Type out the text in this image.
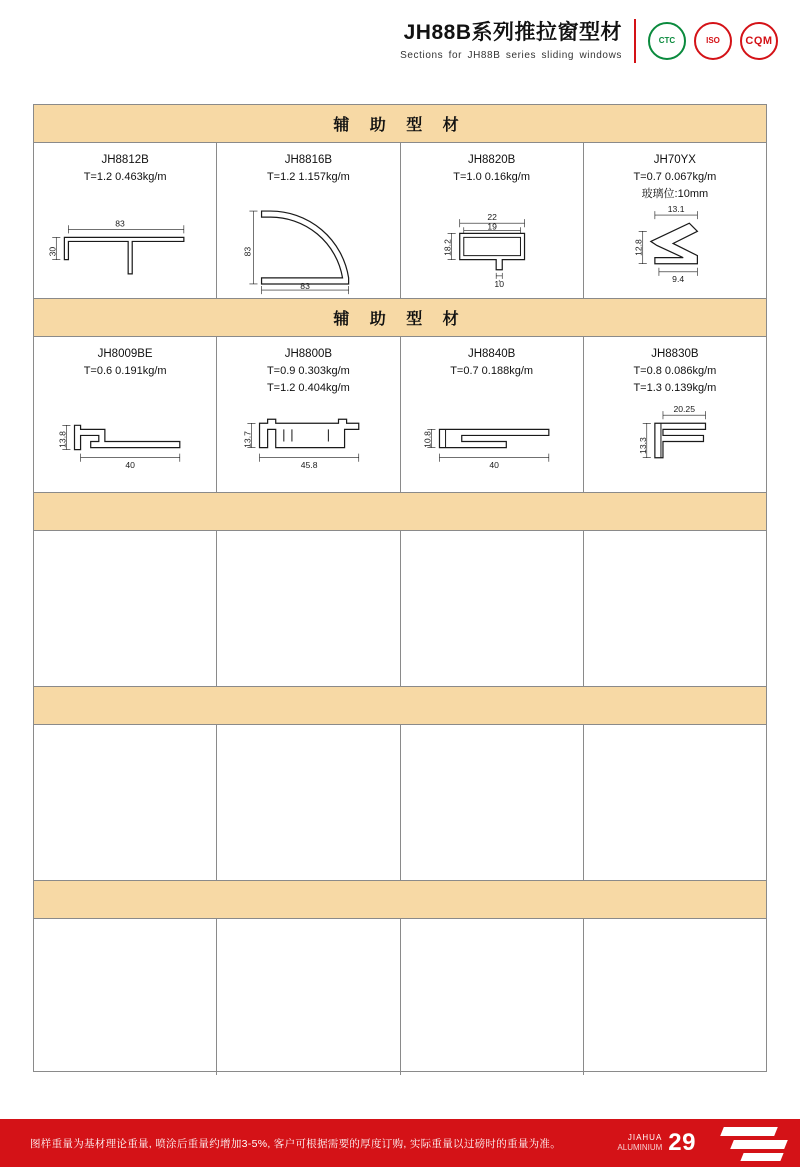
JH88B系列推拉窗型材
Sections for JH88B series sliding windows
CTC	ISO CQM
辅 助 型 材
JH8812B
T=1.2 0.463kg/m
83
30
JH8816B
T=1.2 1.157kg/m
83
83
JH8820B
T=1.0 0.16kg/m
22
19
18.2
10
JH70YX
T=0.7 0.067kg/m
玻璃位:10mm
13.1
12.8
9.4
辅 助 型 材
JH8009BE
T=0.6 0.191kg/m
13.8
40
JH8800B
T=0.9 0.303kg/m
T=1.2 0.404kg/m
13.7
45.8
JH8840B
T=0.7 0.188kg/m
10.8
40
JH8830B
T=0.8 0.086kg/m
T=1.3 0.139kg/m
20.25
13.3
图样重量为基材理论重量, 喷涂后重量约增加3-5%, 客户可根据需要的厚度订购, 实际重量以过磅时的重量为准。	JIAHUA
ALUMINIUM 29
